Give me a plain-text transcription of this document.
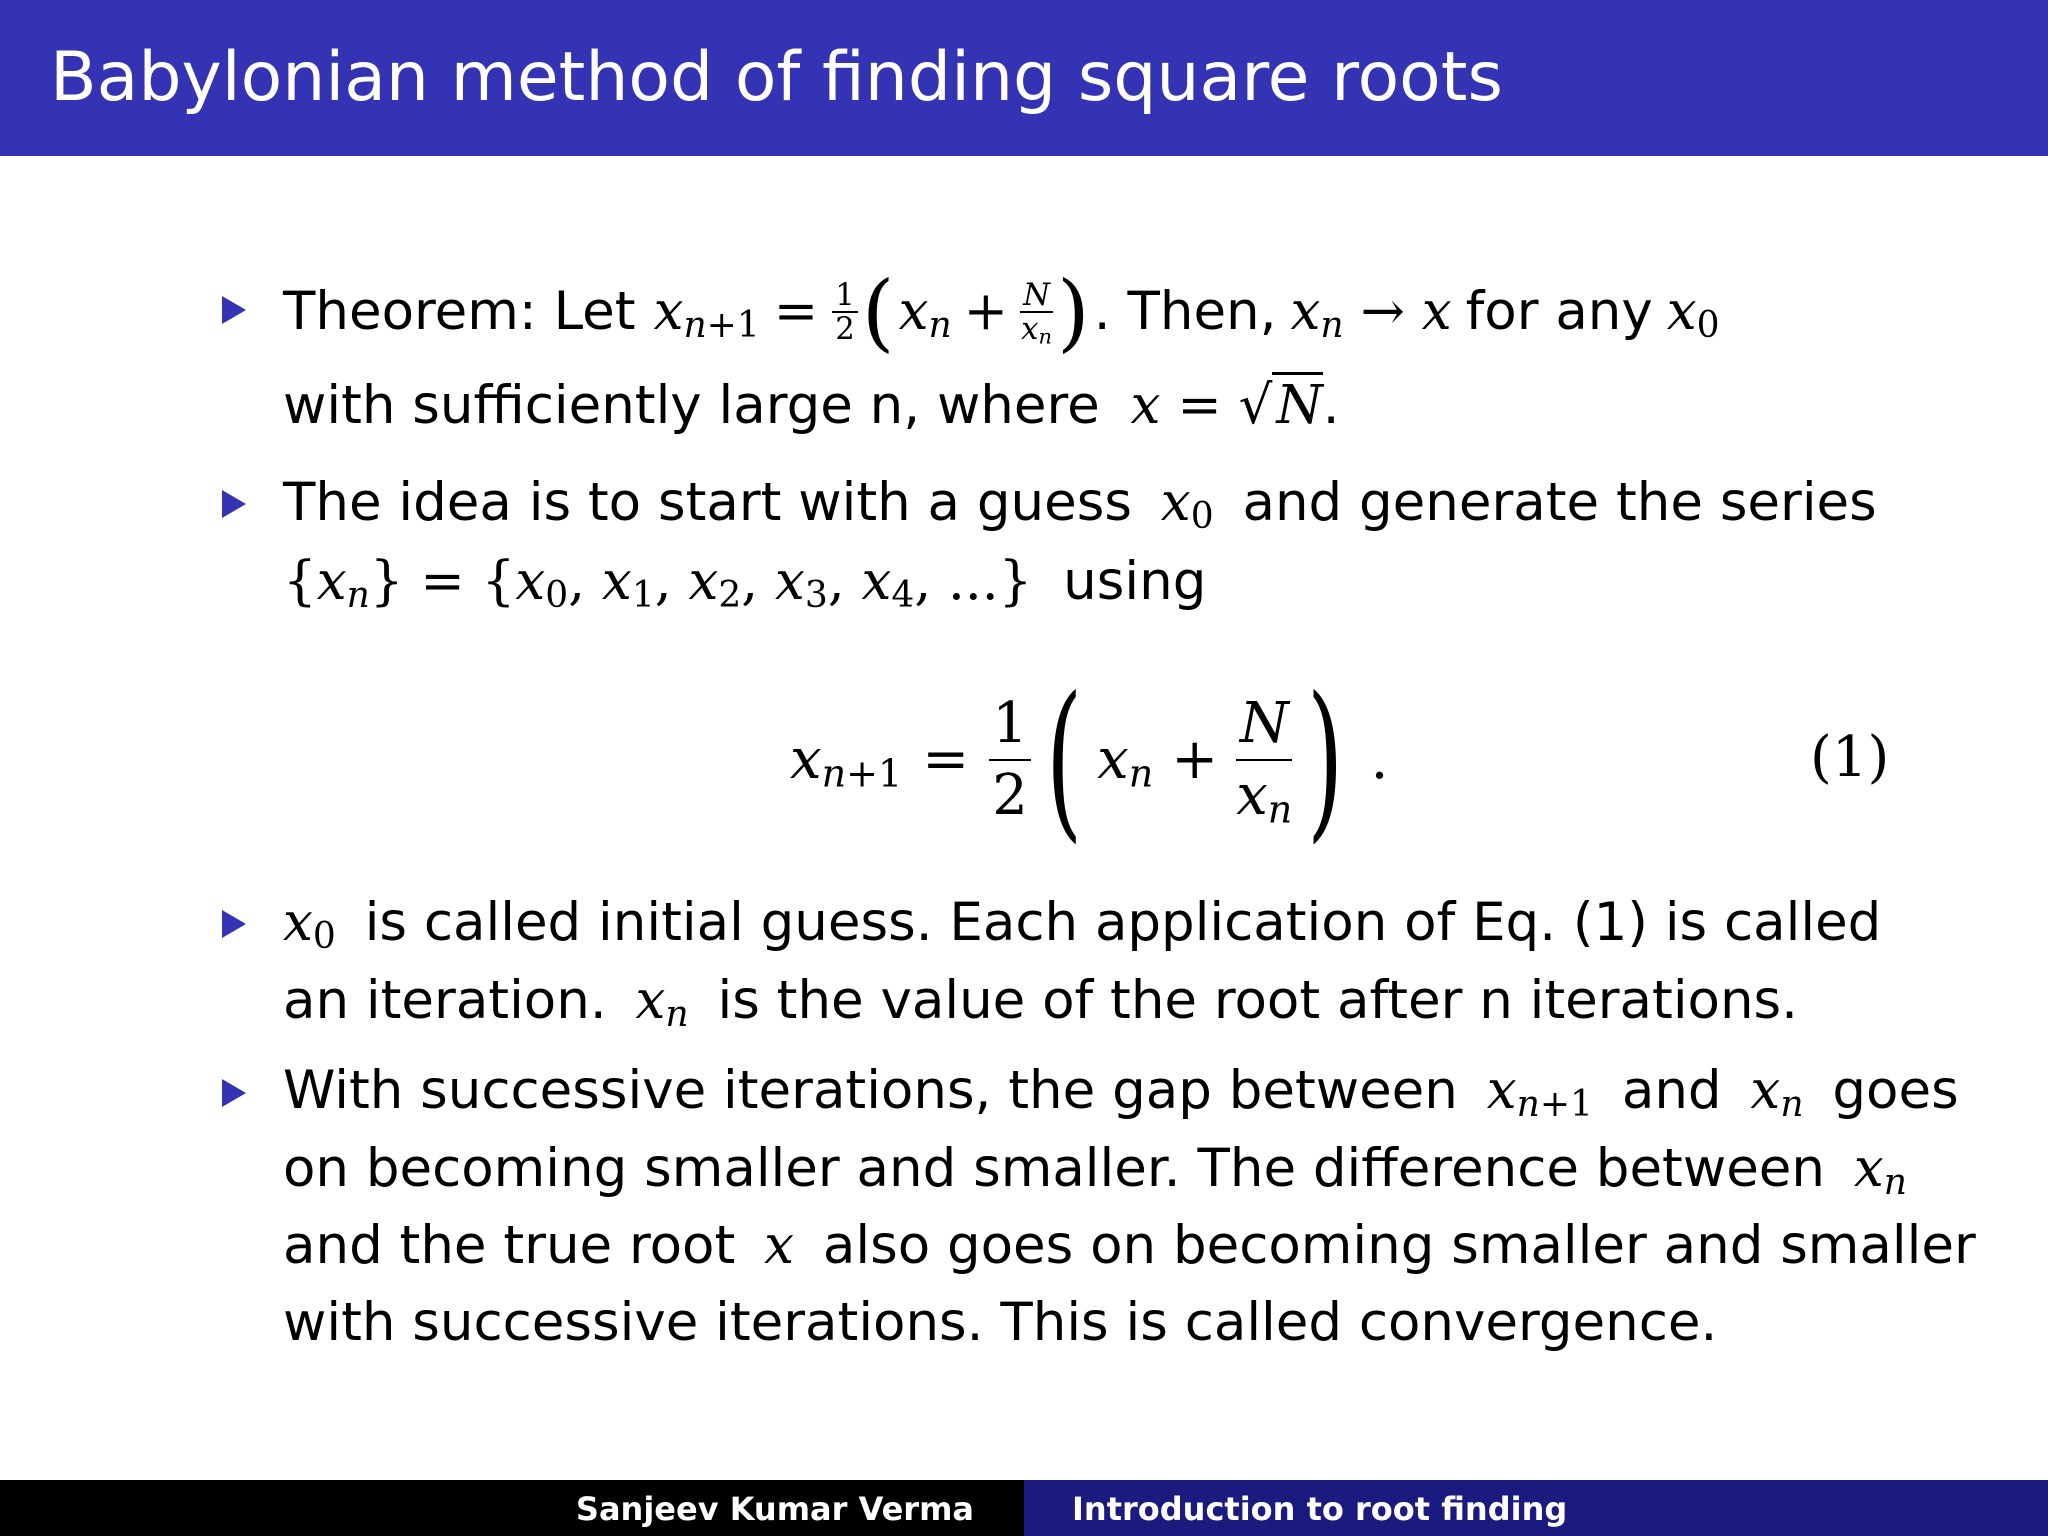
Babylonian method of finding square roots
Theorem: Let $x_n$ $_{+1} = \frac{1}{2}$ ( $x_n + \frac{N}{x_n}$ ) . Then, $x_n \to x$ for any $x_0$
with sufficiently large n, where x = √N.
The idea is to start with a guess $x_0$ and generate the series
$\{x_n\} = \{x_0$, $x_1$, $x_2$, $x_3$, $x_4$, ...} using
$x_n$ $_{+1} = \frac{1}{2}$ ( $x_n + \frac{N}{x_n}$ ) .	(1)
$x_0$ is called initial guess. Each application of Eq. (1) is called
an iteration. $x_n$ is the value of the root after n iterations.
With successive iterations, the gap between $x_{n+1}$ and $x_n$ goes
on becoming smaller and smaller. The difference between $x_n$
and the true root x also goes on becoming smaller and smaller
with successive iterations. This is called convergence.
Sanjeev Kumar Verma	Introduction to root finding
